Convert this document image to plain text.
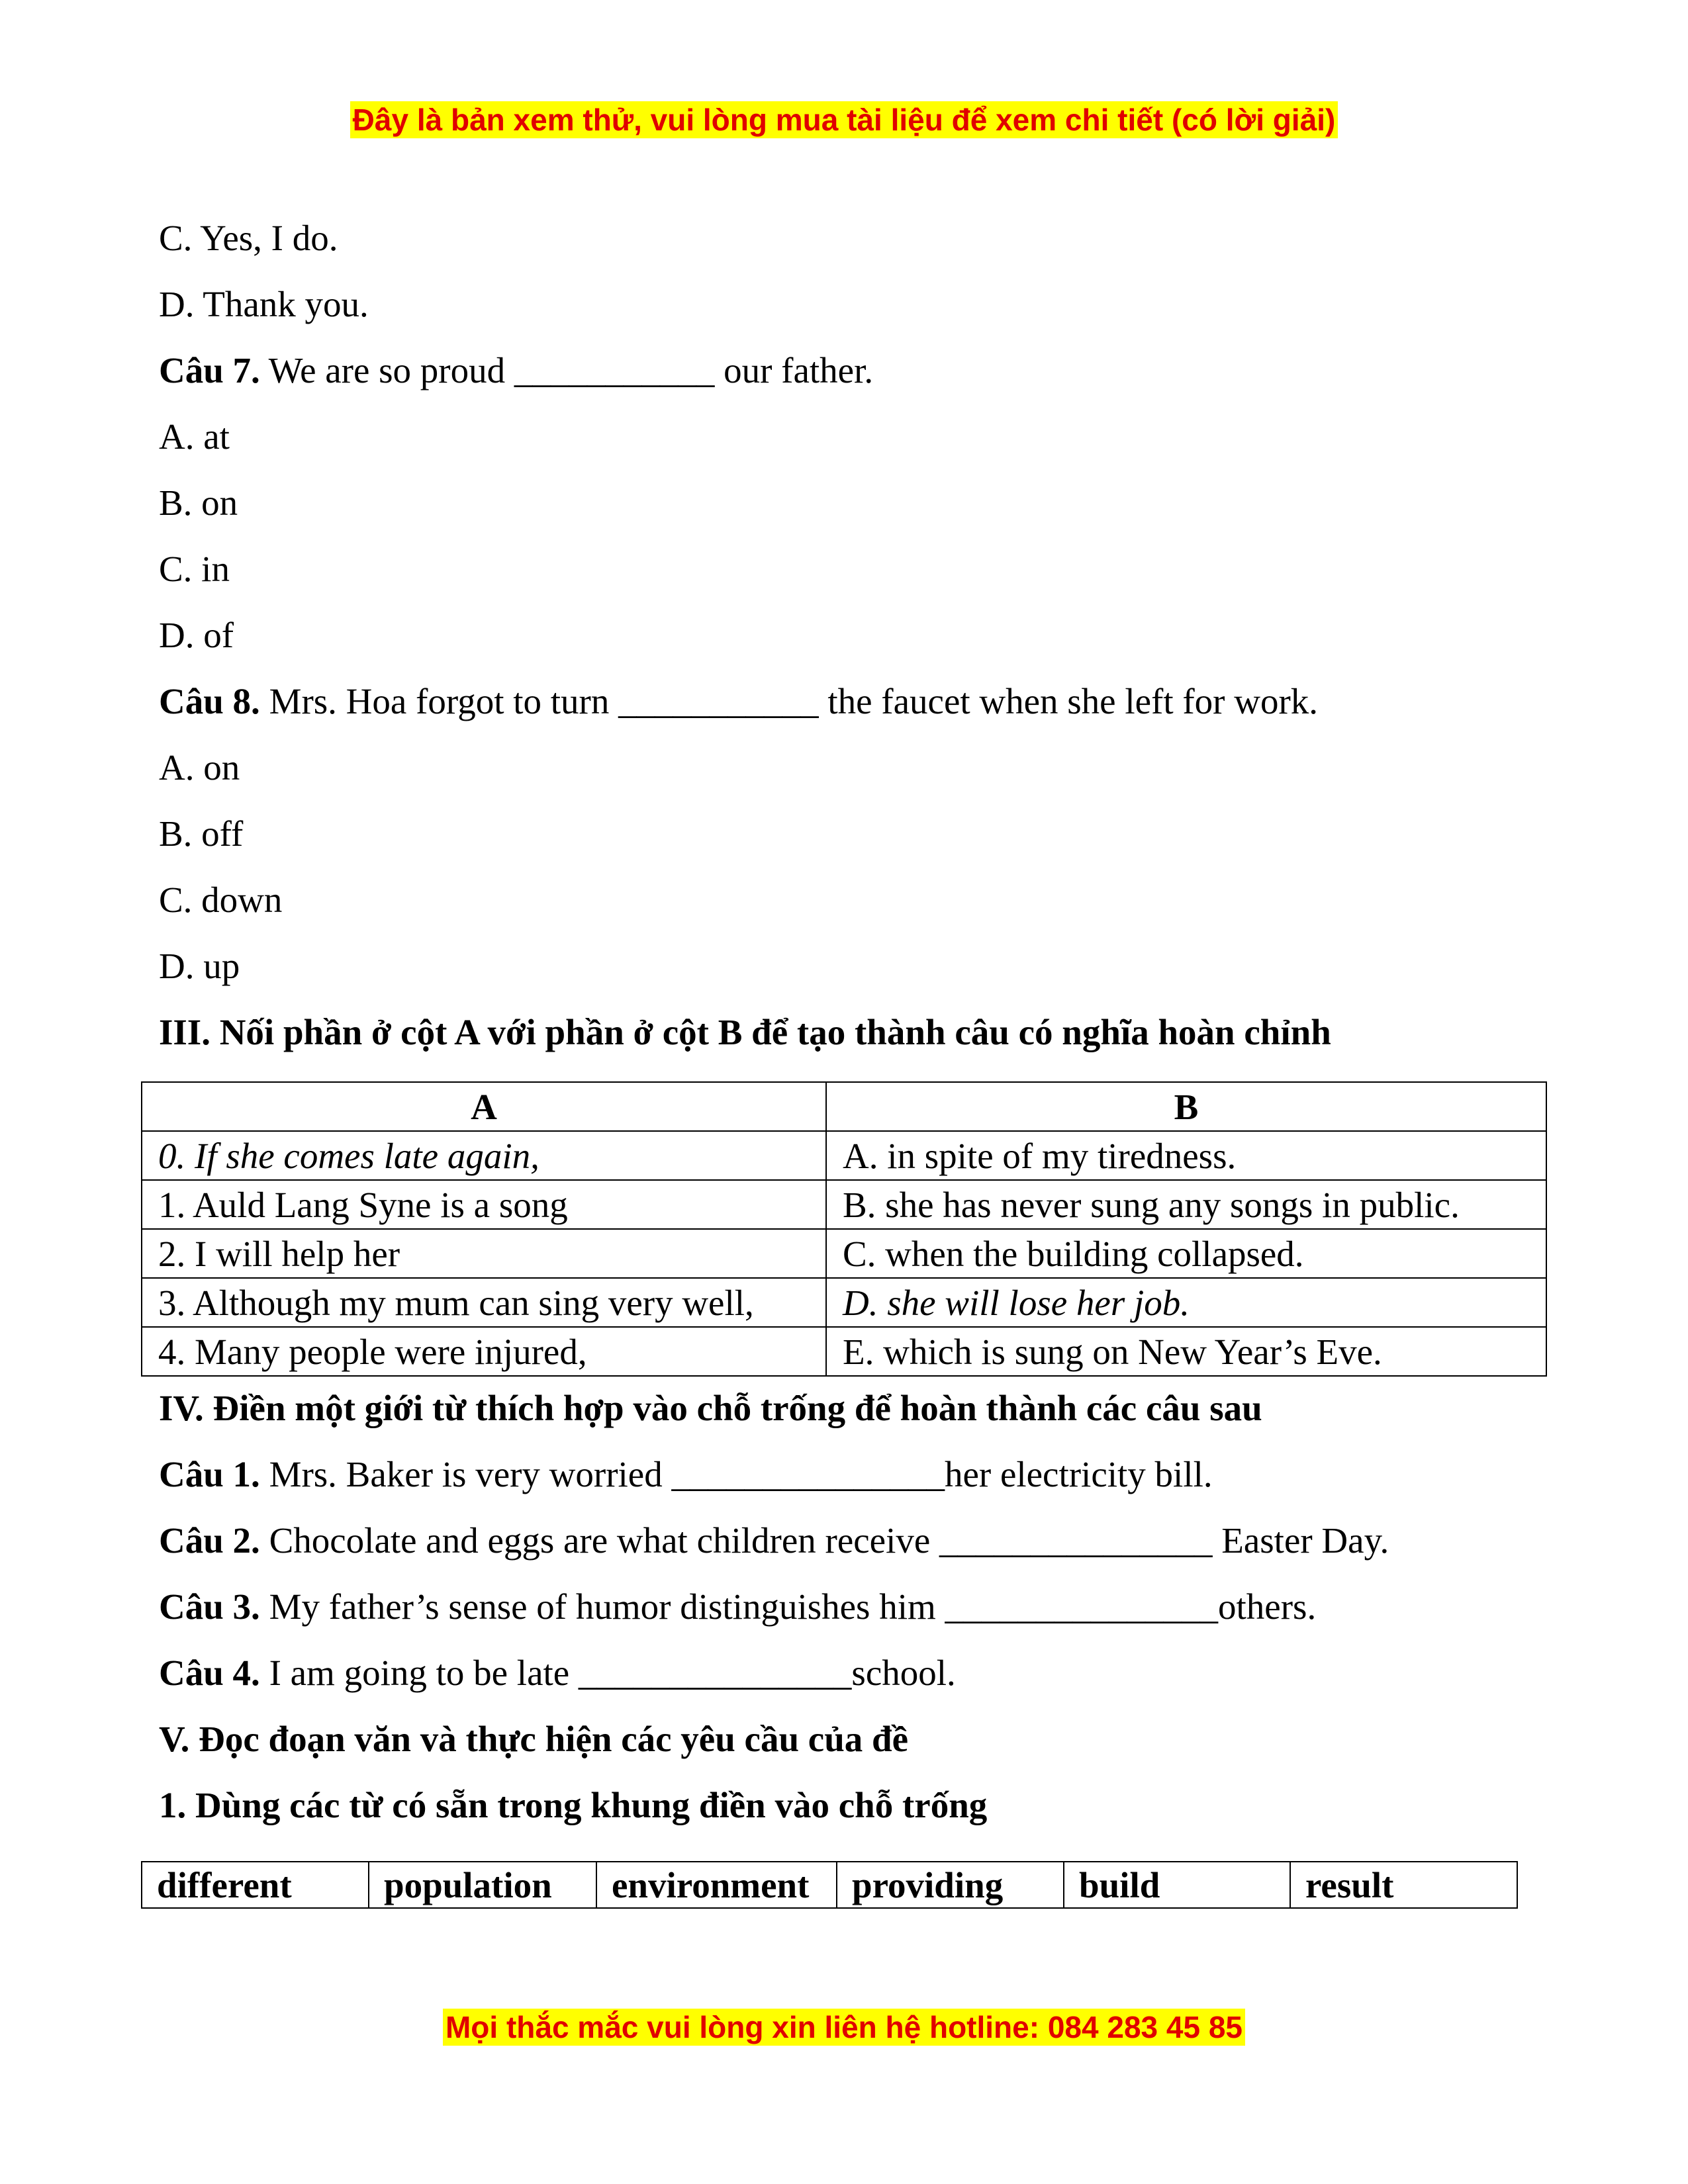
Đây là bản xem thử, vui lòng mua tài liệu để xem chi tiết (có lời giải)
C. Yes, I do.
D. Thank you.
Câu 7. We are so proud ___________ our father.
A. at
B. on
C. in
D. of
Câu 8. Mrs. Hoa forgot to turn ___________ the faucet when she left for work.
A. on
B. off
C. down
D. up
III. Nối phần ở cột A với phần ở cột B để tạo thành câu có nghĩa hoàn chỉnh
A	B
0. If she comes late again,	A. in spite of my tiredness.
1. Auld Lang Syne is a song	B. she has never sung any songs in public.
2. I will help her	C. when the building collapsed.
3. Although my mum can sing very well,	D. she will lose her job.
4. Many people were injured,	E. which is sung on New Year’s Eve.
IV. Điền một giới từ thích hợp vào chỗ trống để hoàn thành các câu sau
Câu 1. Mrs. Baker is very worried _______________her electricity bill.
Câu 2. Chocolate and eggs are what children receive _______________ Easter Day.
Câu 3. My father’s sense of humor distinguishes him _______________others.
Câu 4. I am going to be late _______________school.
V. Đọc đoạn văn và thực hiện các yêu cầu của đề
1. Dùng các từ có sẵn trong khung điền vào chỗ trống
different	population	environment	providing	build	result
Mọi thắc mắc vui lòng xin liên hệ hotline: 084 283 45 85
